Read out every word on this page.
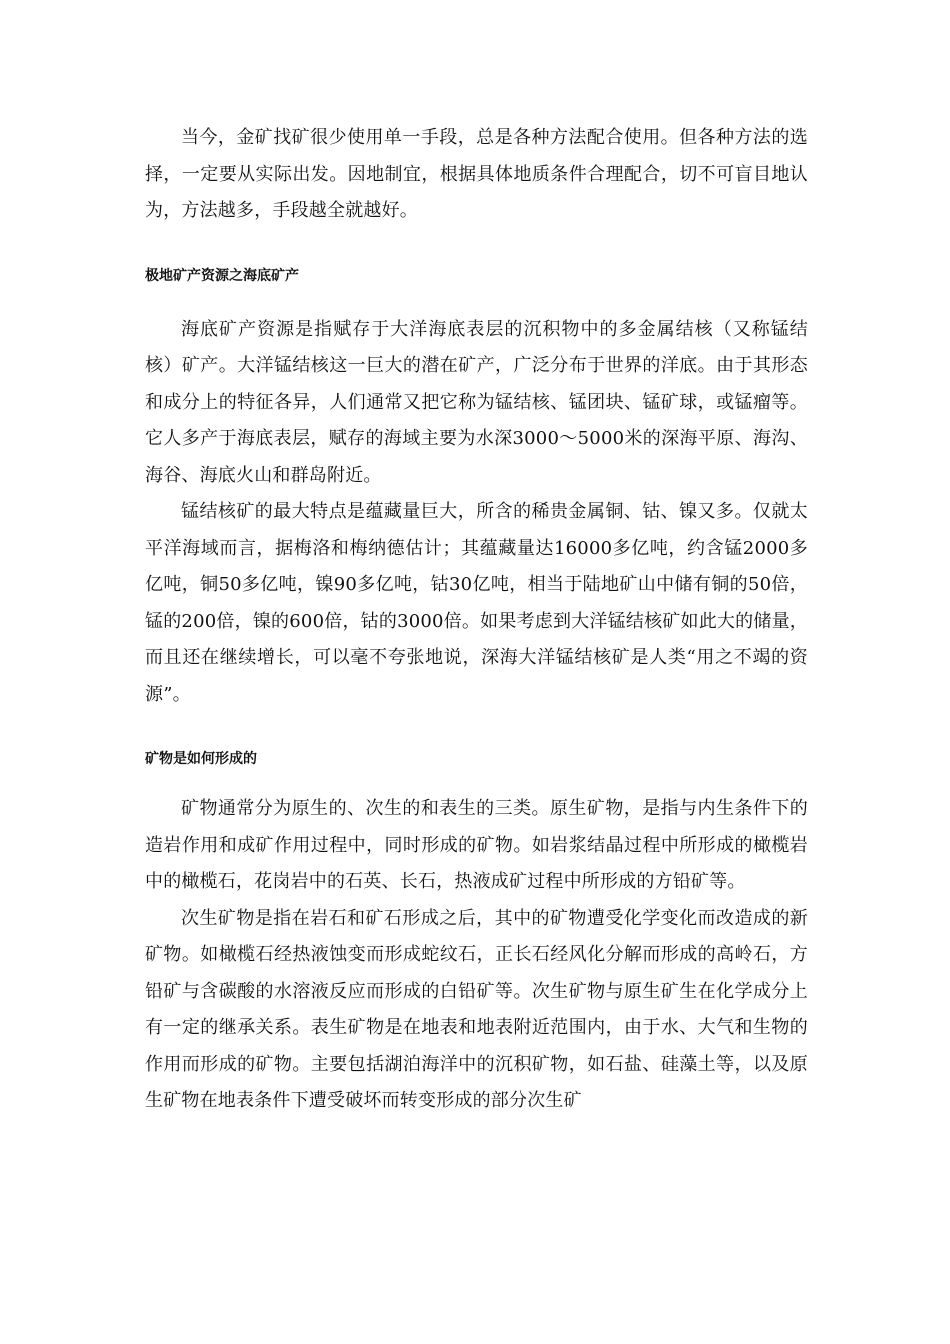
当今，金矿找矿很少使用单一手段，总是各种方法配合使用。但各种方法的选择，一定要从实际出发。因地制宜，根据具体地质条件合理配合，切不可盲目地认为，方法越多，手段越全就越好。

极地矿产资源之海底矿产

海底矿产资源是指赋存于大洋海底表层的沉积物中的多金属结核（又称锰结核）矿产。大洋锰结核这一巨大的潜在矿产，广泛分布于世界的洋底。由于其形态和成分上的特征各异，人们通常又把它称为锰结核、锰团块、锰矿球，或锰瘤等。它人多产于海底表层，赋存的海域主要为水深3000～5000米的深海平原、海沟、海谷、海底火山和群岛附近。

锰结核矿的最大特点是蕴藏量巨大，所含的稀贵金属铜、钴、镍又多。仅就太平洋海域而言，据梅洛和梅纳德估计；其蕴藏量达16000多亿吨，约含锰2000多亿吨，铜50多亿吨，镍90多亿吨，钴30亿吨，相当于陆地矿山中储有铜的50倍，锰的200倍，镍的600倍，钴的3000倍。如果考虑到大洋锰结核矿如此大的储量，而且还在继续增长，可以毫不夸张地说，深海大洋锰结核矿是人类“用之不竭的资源”。

矿物是如何形成的

矿物通常分为原生的、次生的和表生的三类。原生矿物，是指与内生条件下的造岩作用和成矿作用过程中，同时形成的矿物。如岩浆结晶过程中所形成的橄榄岩中的橄榄石，花岗岩中的石英、长石，热液成矿过程中所形成的方铅矿等。

次生矿物是指在岩石和矿石形成之后，其中的矿物遭受化学变化而改造成的新矿物。如橄榄石经热液蚀变而形成蛇纹石，正长石经风化分解而形成的高岭石，方铅矿与含碳酸的水溶液反应而形成的白铅矿等。次生矿物与原生矿生在化学成分上有一定的继承关系。表生矿物是在地表和地表附近范围内，由于水、大气和生物的作用而形成的矿物。主要包括湖泊海洋中的沉积矿物，如石盐、硅藻土等，以及原生矿物在地表条件下遭受破坏而转变形成的部分次生矿
